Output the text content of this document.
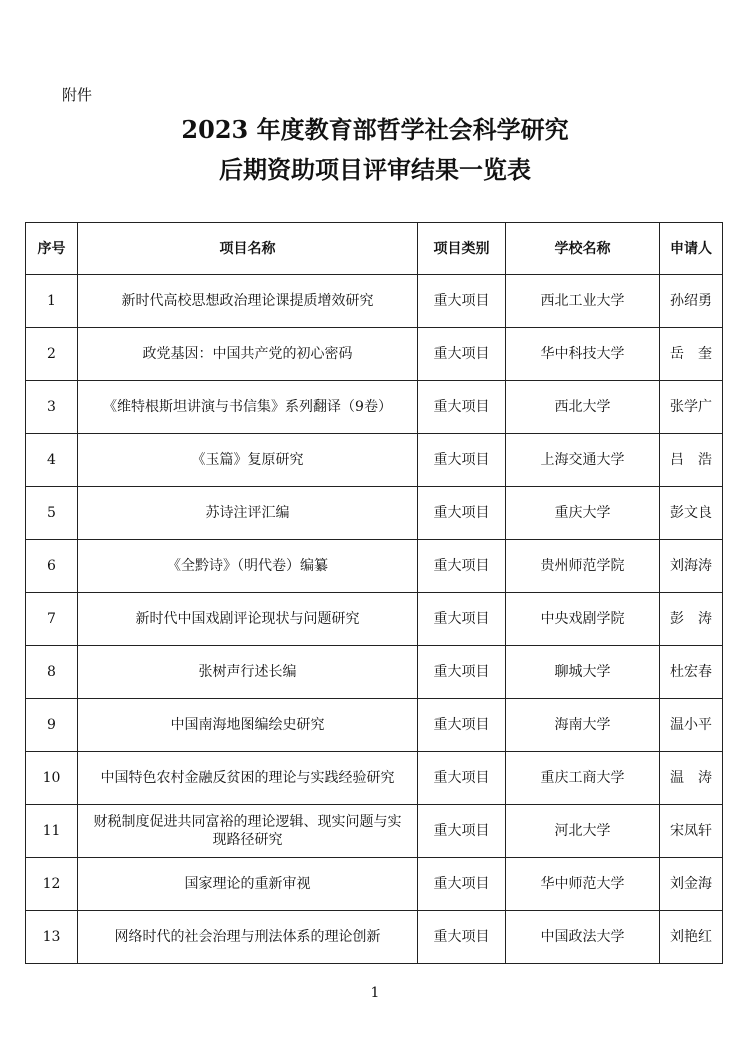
附件
2023 年度教育部哲学社会科学研究
后期资助项目评审结果一览表
序号	项目名称	项目类别	学校名称	申请人
1	新时代高校思想政治理论课提质增效研究	重大项目	西北工业大学	孙绍勇
2	政党基因：中国共产党的初心密码	重大项目	华中科技大学	岳　奎
3	《维特根斯坦讲演与书信集》系列翻译（9卷）	重大项目	西北大学	张学广
4	《玉篇》复原研究	重大项目	上海交通大学	吕　浩
5	苏诗注评汇编	重大项目	重庆大学	彭文良
6	《全黔诗》（明代卷）编纂	重大项目	贵州师范学院	刘海涛
7	新时代中国戏剧评论现状与问题研究	重大项目	中央戏剧学院	彭　涛
8	张树声行述长编	重大项目	聊城大学	杜宏春
9	中国南海地图编绘史研究	重大项目	海南大学	温小平
10	中国特色农村金融反贫困的理论与实践经验研究	重大项目	重庆工商大学	温　涛
11	财税制度促进共同富裕的理论逻辑、现实问题与实现路径研究	重大项目	河北大学	宋凤轩
12	国家理论的重新审视	重大项目	华中师范大学	刘金海
13	网络时代的社会治理与刑法体系的理论创新	重大项目	中国政法大学	刘艳红
1
